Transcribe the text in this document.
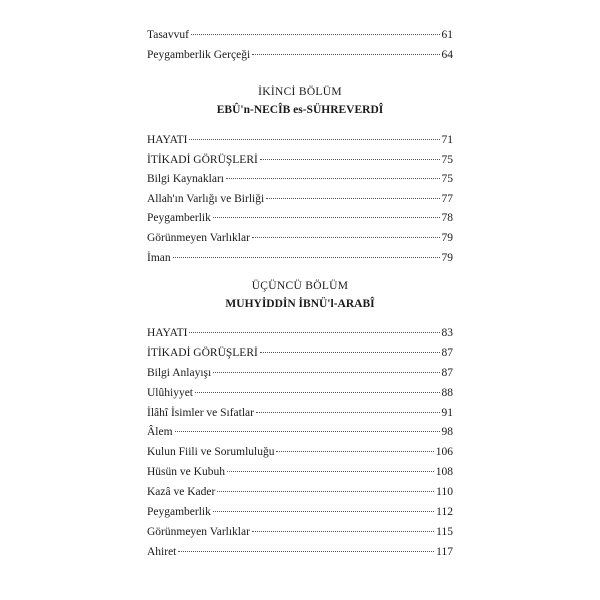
Tasavvuf	61
Peygamberlik Gerçeği	64
İKİNCİ BÖLÜM
EBÛ'n-NECÎB es-SÜHREVERDÎ
HAYATI	71
İTİKADİ GÖRÜŞLERİ	75
Bilgi Kaynakları	75
Allah'ın Varlığı ve Birliği	77
Peygamberlik	78
Görünmeyen Varlıklar	79
İman	79
ÜÇÜNCÜ BÖLÜM
MUHYİDDİN İBNÜ'l-ARABÎ
HAYATI	83
İTİKADİ GÖRÜŞLERİ	87
Bilgi Anlayışı	87
Ulûhiyyet	88
İlâhî İsimler ve Sıfatlar	91
Âlem	98
Kulun Fiili ve Sorumluluğu	106
Hüsün ve Kubuh	108
Kazâ ve Kader	110
Peygamberlik	112
Görünmeyen Varlıklar	115
Ahiret	117
